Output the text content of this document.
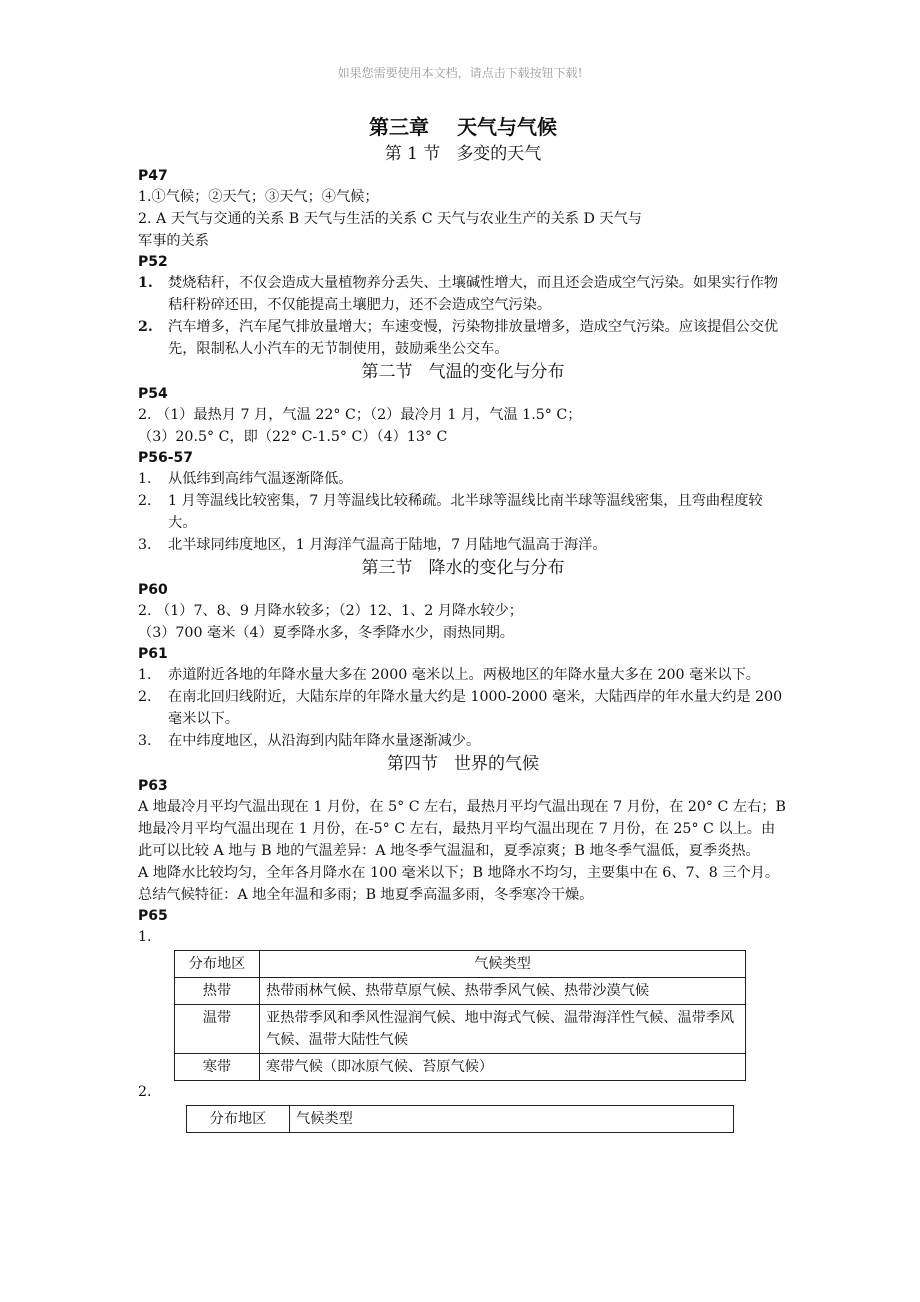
如果您需要使用本文档，请点击下载按钮下载!
第三章 天气与气候
第 1 节 多变的天气
P47
1.①气候；②天气；③天气；④气候；
2. A 天气与交通的关系 B 天气与生活的关系 C 天气与农业生产的关系 D 天气与
军事的关系
P52
1.	焚烧秸秆，不仅会造成大量植物养分丢失、土壤碱性增大，而且还会造成空气污染。如果实行作物秸秆粉碎还田，不仅能提高土壤肥力，还不会造成空气污染。
2.	汽车增多，汽车尾气排放量增大；车速变慢，污染物排放量增多，造成空气污染。应该提倡公交优先，限制私人小汽车的无节制使用，鼓励乘坐公交车。
第二节 气温的变化与分布
P54
2. （1）最热月 7 月，气温 22° C；（2）最冷月 1 月，气温 1.5° C；
（3）20.5° C，即（22° C-1.5° C）（4）13° C
P56-57
1.	从低纬到高纬气温逐渐降低。
2.	1 月等温线比较密集，7 月等温线比较稀疏。北半球等温线比南半球等温线密集，且弯曲程度较大。
3.	北半球同纬度地区，1 月海洋气温高于陆地，7 月陆地气温高于海洋。
第三节 降水的变化与分布
P60
2. （1）7、8、9 月降水较多；（2）12、1、2 月降水较少；
（3）700 毫米（4）夏季降水多，冬季降水少，雨热同期。
P61
1.	赤道附近各地的年降水量大多在 2000 毫米以上。两极地区的年降水量大多在 200 毫米以下。
2.	在南北回归线附近，大陆东岸的年降水量大约是 1000-2000 毫米，大陆西岸的年水量大约是 200 毫米以下。
3.	在中纬度地区，从沿海到内陆年降水量逐渐减少。
第四节 世界的气候
P63
A 地最冷月平均气温出现在 1 月份，在 5° C 左右，最热月平均气温出现在 7 月份，在 20° C 左右；B 地最冷月平均气温出现在 1 月份，在-5° C 左右，最热月平均气温出现在 7 月份，在 25° C 以上。由此可以比较 A 地与 B 地的气温差异：A 地冬季气温温和，夏季凉爽；B 地冬季气温低，夏季炎热。
A 地降水比较均匀，全年各月降水在 100 毫米以下；B 地降水不均匀，主要集中在 6、7、8 三个月。
总结气候特征：A 地全年温和多雨；B 地夏季高温多雨，冬季寒冷干燥。
P65
1.
分布地区	气候类型
热带	热带雨林气候、热带草原气候、热带季风气候、热带沙漠气候
温带	亚热带季风和季风性湿润气候、地中海式气候、温带海洋性气候、温带季风气候、温带大陆性气候
寒带	寒带气候（即冰原气候、苔原气候）
2.
分布地区	气候类型
